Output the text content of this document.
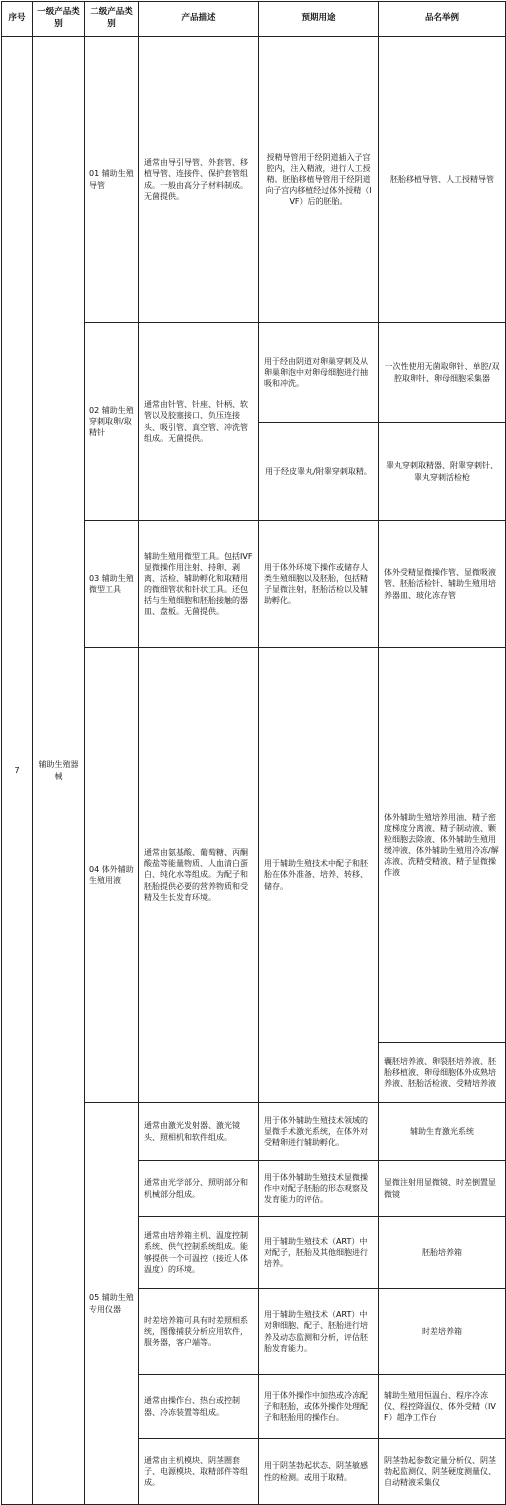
序号	一级产品类别	二级产品类别	产品描述	预期用途	品名举例
7	辅助生殖器械	01 辅助生殖导管	通常由导引导管、外套管、移植导管、连接件、保护套管组成。一般由高分子材料制成。无菌提供。	授精导管用于经阴道插入子宫腔内，注入精液，进行人工授精。胚胎移植导管用于经阴道向子宫内移植经过体外授精（IVF）后的胚胎。	胚胎移植导管、人工授精导管
		02 辅助生殖穿刺取卵/取精针	通常由针管、针座、针柄、软管以及胶塞接口、负压连接头、吸引管、真空管、冲洗管组成。无菌提供。	用于经由阴道对卵巢穿刺及从卵巢卵泡中对卵母细胞进行抽吸和冲洗。	一次性使用无菌取卵针、单腔/双腔取卵针、卵母细胞采集器
				用于经皮睾丸/附睾穿刺取精。	睾丸穿刺取精器、附睾穿刺针、睾丸穿刺活检枪
		03 辅助生殖微型工具	辅助生殖用微型工具。包括IVF显微操作用注射、持卵、剥离、活检、辅助孵化和取精用的微细管状和针状工具。还包括与生殖细胞和胚胎接触的器皿、盘板。无菌提供。	用于体外环境下操作或储存人类生殖细胞以及胚胎，包括精子显微注射，胚胎活检以及辅助孵化。	体外受精显微操作管、显微吸液管、胚胎活检针、辅助生殖用培养器皿、玻化冻存管
		04 体外辅助生殖用液	通常由氨基酸、葡萄糖、丙酮酸盐等能量物质、人血清白蛋白、纯化水等组成。为配子和胚胎提供必要的营养物质和受精及生长发育环境。	用于辅助生殖技术中配子和胚胎在体外准备、培养、转移、储存。	体外辅助生殖培养用油、精子密度梯度分离液、精子制动液、颗粒细胞去除液、体外辅助生殖用缓冲液、体外辅助生殖用冷冻/解冻液、洗精受精液、精子显微操作液
					囊胚培养液、卵裂胚培养液、胚胎移植液、卵母细胞体外成熟培养液、胚胎活检液、受精培养液
		05 辅助生殖专用仪器	通常由激光发射器、激光镜头、照相机和软件组成。	用于体外辅助生殖技术领域的显微手术激光系统，在体外对受精卵进行辅助孵化。	辅助生育激光系统
			通常由光学部分、照明部分和机械部分组成。	用于体外辅助生殖技术显微操作中对配子胚胎的形态观察及发育能力的评估。	显微注射用显微镜、时差倒置显微镜
			通常由培养箱主机、温度控制系统、供气控制系统组成。能够提供一个可温控（接近人体温度）的环境。	用于辅助生殖技术（ART）中对配子，胚胎及其他细胞进行培养。	胚胎培养箱
			时差培养箱可具有时差照相系统，图像捕获分析应用软件，服务器，客户端等。	用于辅助生殖技术（ART）中对卵细胞、配子、胚胎进行培养及动态监测和分析，评估胚胎发育能力。	时差培养箱
			通常由操作台、热台或控制器、冷冻装置等组成。	用于体外操作中加热或冷冻配子和胚胎，或体外操作处理配子和胚胎用的操作台。	辅助生殖用恒温台、程序冷冻仪、程控降温仪、体外受精（IVF）超净工作台
			通常由主机模块、阴茎圈套子、电源模块、取精部件等组成。	用于阴茎勃起状态、阴茎敏感性的检测。或用于取精。	阴茎勃起参数定量分析仪、阴茎勃起监测仪、阴茎硬度测量仪、自动精液采集仪
